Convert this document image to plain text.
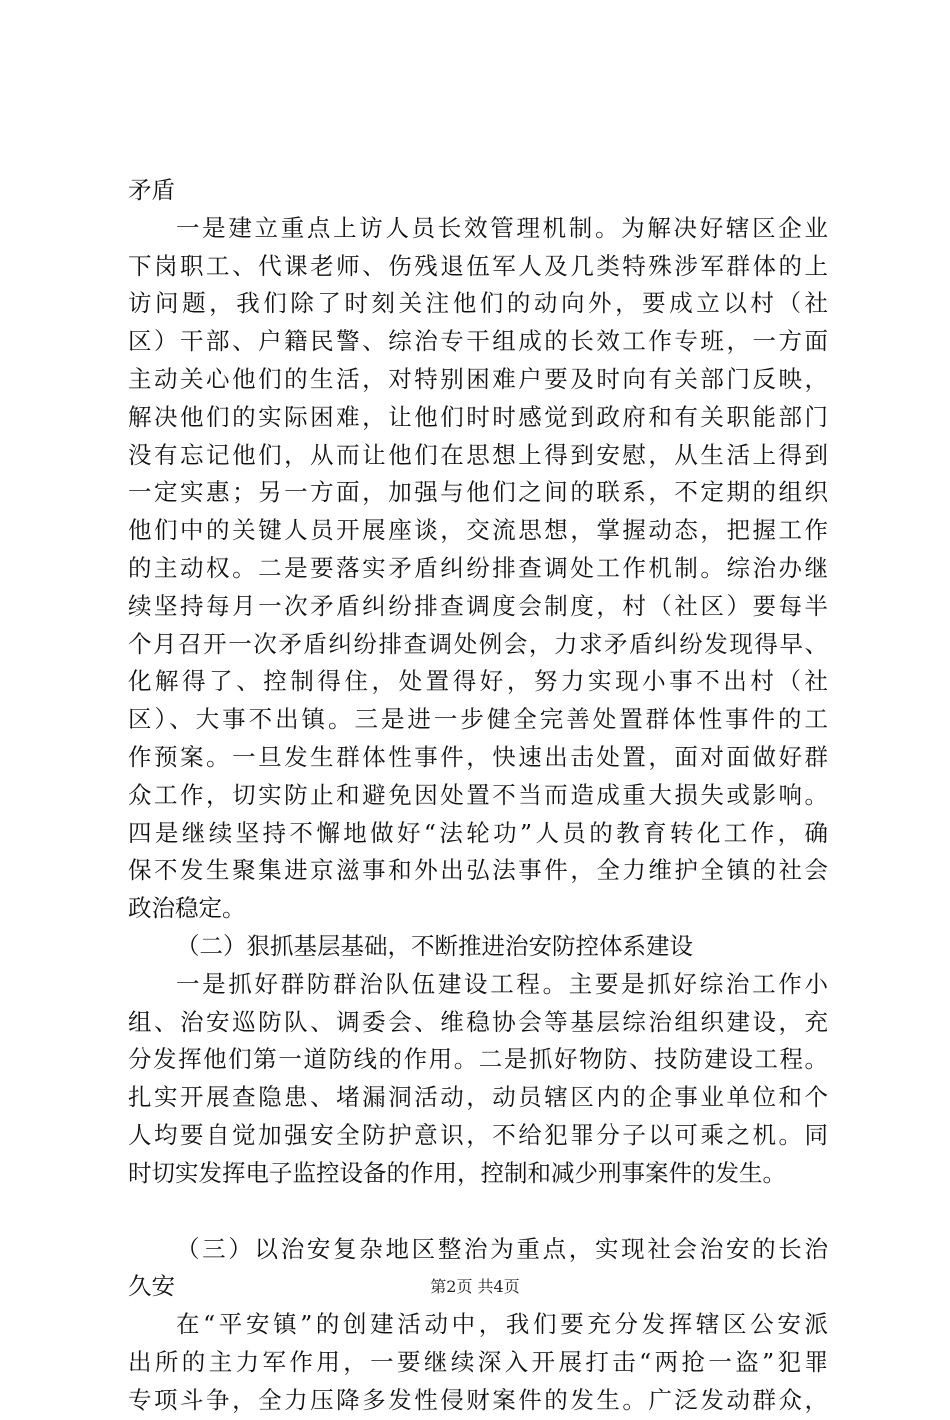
矛盾
一是建立重点上访人员长效管理机制。为解决好辖区企业
下岗职工、代课老师、伤残退伍军人及几类特殊涉军群体的上
访问题，我们除了时刻关注他们的动向外，要成立以村（社
区）干部、户籍民警、综治专干组成的长效工作专班，一方面
主动关心他们的生活，对特别困难户要及时向有关部门反映，
解决他们的实际困难，让他们时时感觉到政府和有关职能部门
没有忘记他们，从而让他们在思想上得到安慰，从生活上得到
一定实惠；另一方面，加强与他们之间的联系，不定期的组织
他们中的关键人员开展座谈，交流思想，掌握动态，把握工作
的主动权。二是要落实矛盾纠纷排查调处工作机制。综治办继
续坚持每月一次矛盾纠纷排查调度会制度，村（社区）要每半
个月召开一次矛盾纠纷排查调处例会，力求矛盾纠纷发现得早、
化解得了、控制得住，处置得好，努力实现小事不出村（社
区）、大事不出镇。三是进一步健全完善处置群体性事件的工
作预案。一旦发生群体性事件，快速出击处置，面对面做好群
众工作，切实防止和避免因处置不当而造成重大损失或影响。
四是继续坚持不懈地做好“法轮功”人员的教育转化工作，确
保不发生聚集进京滋事和外出弘法事件，全力维护全镇的社会
政治稳定。
（二）狠抓基层基础，不断推进治安防控体系建设
一是抓好群防群治队伍建设工程。主要是抓好综治工作小
组、治安巡防队、调委会、维稳协会等基层综治组织建设，充
分发挥他们第一道防线的作用。二是抓好物防、技防建设工程。
扎实开展查隐患、堵漏洞活动，动员辖区内的企事业单位和个
人均要自觉加强安全防护意识，不给犯罪分子以可乘之机。同
时切实发挥电子监控设备的作用，控制和减少刑事案件的发生。
（三）以治安复杂地区整治为重点，实现社会治安的长治
久安
在“平安镇”的创建活动中，我们要充分发挥辖区公安派
出所的主力军作用，一要继续深入开展打击“两抢一盗”犯罪
专项斗争，全力压降多发性侵财案件的发生。广泛发动群众，
第2页 共4页
